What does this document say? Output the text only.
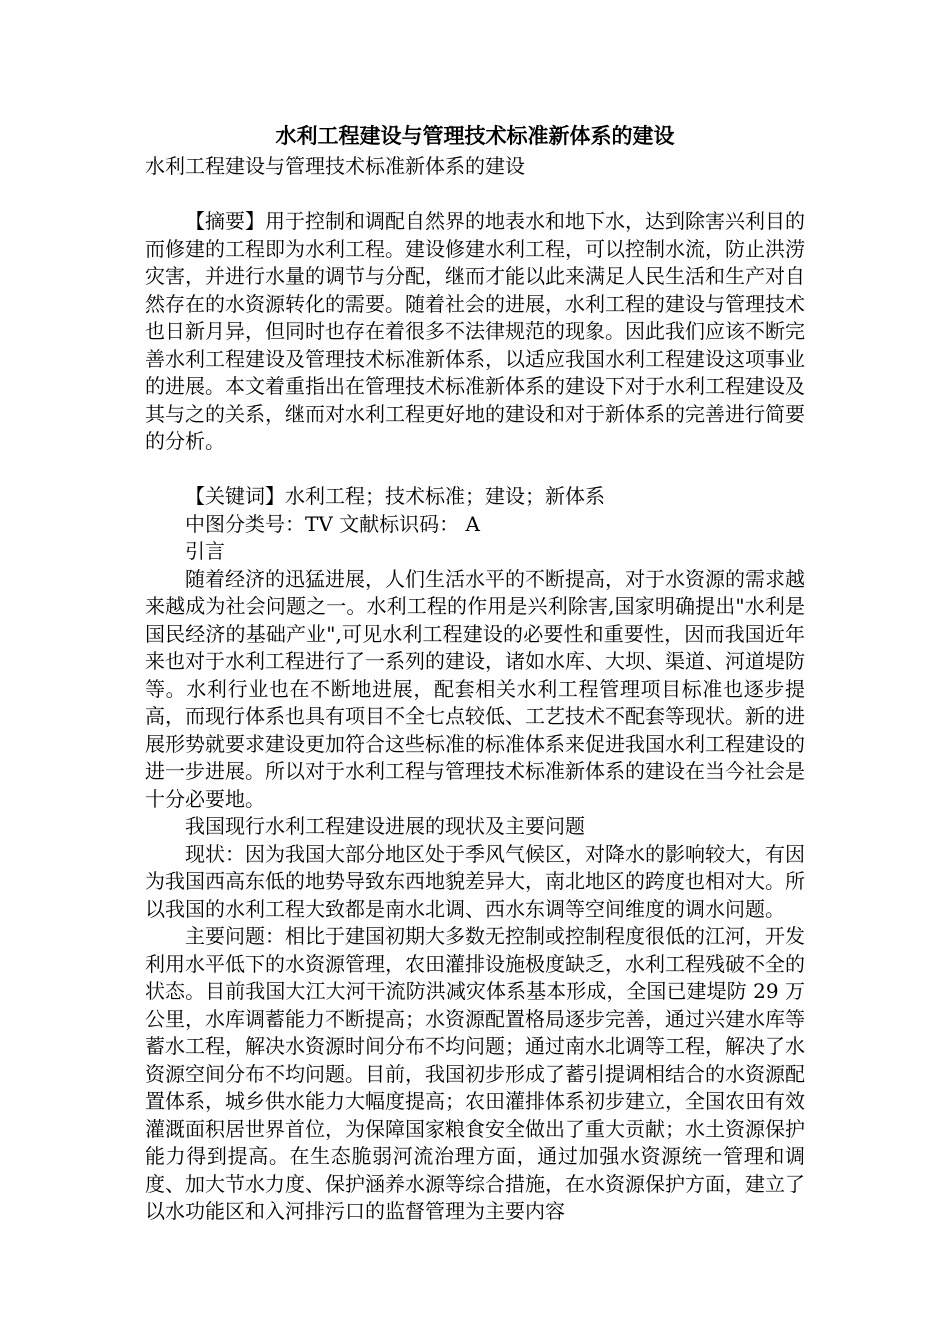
水利工程建设与管理技术标准新体系的建设
水利工程建设与管理技术标准新体系的建设

【摘要】用于控制和调配自然界的地表水和地下水，达到除害兴利目的而修建的工程即为水利工程。建设修建水利工程，可以控制水流，防止洪涝灾害，并进行水量的调节与分配，继而才能以此来满足人民生活和生产对自然存在的水资源转化的需要。随着社会的进展，水利工程的建设与管理技术也日新月异，但同时也存在着很多不法律规范的现象。因此我们应该不断完善水利工程建设及管理技术标准新体系，以适应我国水利工程建设这项事业的进展。本文着重指出在管理技术标准新体系的建设下对于水利工程建设及其与之的关系，继而对水利工程更好地的建设和对于新体系的完善进行简要的分析。

【关键词】水利工程；技术标准；建设；新体系

中图分类号：TV 文献标识码： A

引言

随着经济的迅猛进展，人们生活水平的不断提高，对于水资源的需求越来越成为社会问题之一。水利工程的作用是兴利除害,国家明确提出"水利是国民经济的基础产业",可见水利工程建设的必要性和重要性，因而我国近年来也对于水利工程进行了一系列的建设，诸如水库、大坝、渠道、河道堤防等。水利行业也在不断地进展，配套相关水利工程管理项目标准也逐步提高，而现行体系也具有项目不全七点较低、工艺技术不配套等现状。新的进展形势就要求建设更加符合这些标准的标准体系来促进我国水利工程建设的进一步进展。所以对于水利工程与管理技术标准新体系的建设在当今社会是十分必要地。

我国现行水利工程建设进展的现状及主要问题

现状：因为我国大部分地区处于季风气候区，对降水的影响较大，有因为我国西高东低的地势导致东西地貌差异大，南北地区的跨度也相对大。所以我国的水利工程大致都是南水北调、西水东调等空间维度的调水问题。

主要问题：相比于建国初期大多数无控制或控制程度很低的江河，开发利用水平低下的水资源管理，农田灌排设施极度缺乏，水利工程残破不全的状态。目前我国大江大河干流防洪减灾体系基本形成，全国已建堤防 29 万公里，水库调蓄能力不断提高；水资源配置格局逐步完善，通过兴建水库等蓄水工程，解决水资源时间分布不均问题；通过南水北调等工程，解决了水资源空间分布不均问题。目前，我国初步形成了蓄引提调相结合的水资源配置体系，城乡供水能力大幅度提高；农田灌排体系初步建立，全国农田有效灌溉面积居世界首位，为保障国家粮食安全做出了重大贡献；水土资源保护能力得到提高。在生态脆弱河流治理方面，通过加强水资源统一管理和调度、加大节水力度、保护涵养水源等综合措施，在水资源保护方面，建立了以水功能区和入河排污口的监督管理为主要内容
